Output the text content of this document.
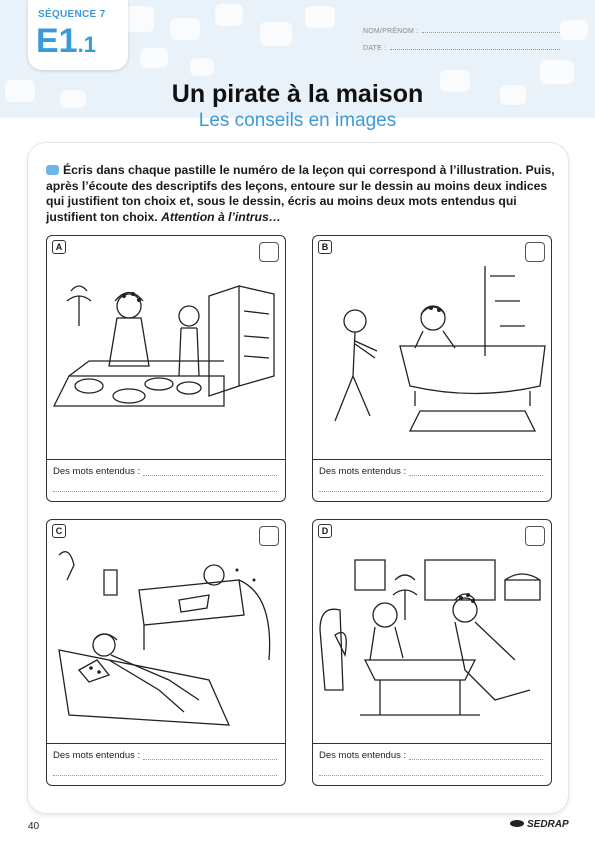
SÉQUENCE 7
E1.1
NOM/PRÉNOM :
DATE :
Un pirate à la maison
Les conseils en images
Écris dans chaque pastille le numéro de la leçon qui correspond à l’illustration. Puis, après l’écoute des descriptifs des leçons, entoure sur le dessin au moins deux indices qui justifient ton choix et, sous le dessin, écris au moins deux mots entendus qui justifient ton choix. Attention à l’intrus…
A
Des mots entendus :
B
Des mots entendus :
C
Des mots entendus :
D
Des mots entendus :
40	SEDRAP
